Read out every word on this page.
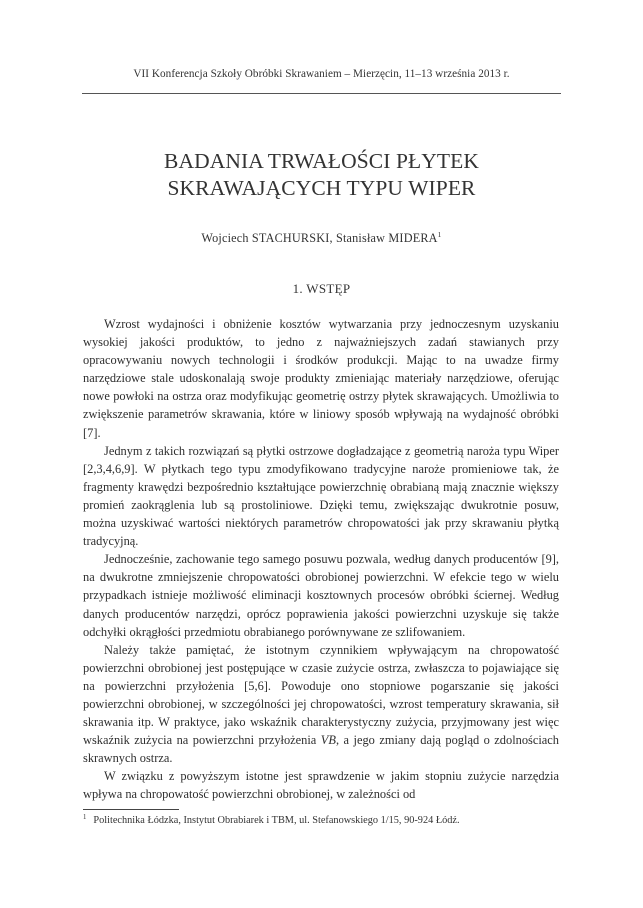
VII Konferencja Szkoły Obróbki Skrawaniem – Mierzęcin, 11–13 września 2013 r.
BADANIA TRWAŁOŚCI PŁYTEK
SKRAWAJĄCYCH TYPU WIPER
Wojciech STACHURSKI, Stanisław MIDERA$^1$
1. WSTĘP

Wzrost wydajności i obniżenie kosztów wytwarzania przy jednoczesnym uzyskaniu wysokiej jakości produktów, to jedno z najważniejszych zadań stawianych przy opracowywaniu nowych technologii i środków produkcji. Mając to na uwadze firmy narzędziowe stale udoskonalają swoje produkty zmieniając materiały narzędziowe, oferując nowe powłoki na ostrza oraz modyfikując geometrię ostrzy płytek skrawających. Umożliwia to zwiększenie parametrów skrawania, które w liniowy sposób wpływają na wydajność obróbki [7].

Jednym z takich rozwiązań są płytki ostrzowe dogładzające z geometrią naroża typu Wiper [2,3,4,6,9]. W płytkach tego typu zmodyfikowano tradycyjne naroże promieniowe tak, że fragmenty krawędzi bezpośrednio kształtujące powierzchnię obrabianą mają znacznie większy promień zaokrąglenia lub są prostoliniowe. Dzięki temu, zwiększając dwukrotnie posuw, można uzyskiwać wartości niektórych parametrów chropowatości jak przy skrawaniu płytką tradycyjną.

Jednocześnie, zachowanie tego samego posuwu pozwala, według danych producentów [9], na dwukrotne zmniejszenie chropowatości obrobionej powierzchni. W efekcie tego w wielu przypadkach istnieje możliwość eliminacji kosztownych procesów obróbki ściernej. Według danych producentów narzędzi, oprócz poprawienia jakości powierzchni uzyskuje się także odchyłki okrągłości przedmiotu obrabianego porównywane ze szlifowaniem.

Należy także pamiętać, że istotnym czynnikiem wpływającym na chropowatość powierzchni obrobionej jest postępujące w czasie zużycie ostrza, zwłaszcza to pojawiające się na powierzchni przyłożenia [5,6]. Powoduje ono stopniowe pogarszanie się jakości powierzchni obrobionej, w szczególności jej chropowatości, wzrost temperatury skrawania, sił skrawania itp. W praktyce, jako wskaźnik charakterystyczny zużycia, przyjmowany jest więc wskaźnik zużycia na powierzchni przyłożenia VB, a jego zmiany dają pogląd o zdolnościach skrawnych ostrza.

W związku z powyższym istotne jest sprawdzenie w jakim stopniu zużycie narzędzia wpływa na chropowatość powierzchni obrobionej, w zależności od

$^1$ Politechnika Łódzka, Instytut Obrabiarek i TBM, ul. Stefanowskiego 1/15, 90-924 Łódź.
